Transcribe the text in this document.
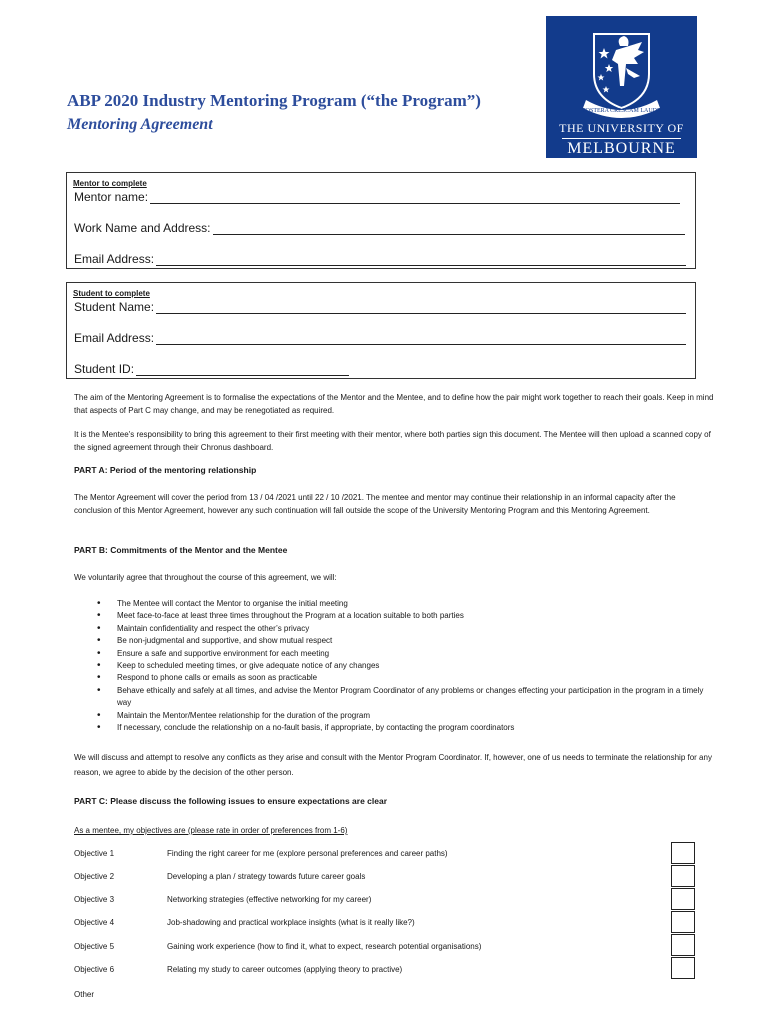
ABP 2020 Industry Mentoring Program (“the Program”)
Mentoring Agreement
POSTERA CRESCAM LAUDE
THE UNIVERSITY OF
MELBOURNE
Mentor to complete
Mentor name:
Work Name and Address:
Email Address:
Student to complete
Student Name:
Email Address:
Student ID:
The aim of the Mentoring Agreement is to formalise the expectations of the Mentor and the Mentee, and to define how the pair might work together to reach their goals. Keep in mind that aspects of Part C may change, and may be renegotiated as required.
It is the Mentee's responsibility to bring this agreement to their first meeting with their mentor, where both parties sign this document. The Mentee will then upload a scanned copy of the signed agreement through their Chronus dashboard.
PART A: Period of the mentoring relationship
The Mentor Agreement will cover the period from 13 / 04 /2021 until 22 / 10 /2021. The mentee and mentor may continue their relationship in an informal capacity after the conclusion of this Mentor Agreement, however any such continuation will fall outside the scope of the University Mentoring Program and this Mentoring Agreement.
PART B: Commitments of the Mentor and the Mentee
We voluntarily agree that throughout the course of this agreement, we will:
• The Mentee will contact the Mentor to organise the initial meeting
• Meet face-to-face at least three times throughout the Program at a location suitable to both parties
• Maintain confidentiality and respect the other’s privacy
• Be non-judgmental and supportive, and show mutual respect
• Ensure a safe and supportive environment for each meeting
• Keep to scheduled meeting times, or give adequate notice of any changes
• Respond to phone calls or emails as soon as practicable
• Behave ethically and safely at all times, and advise the Mentor Program Coordinator of any problems or changes effecting your participation in the program in a timely way
• Maintain the Mentor/Mentee relationship for the duration of the program
• If necessary, conclude the relationship on a no-fault basis, if appropriate, by contacting the program coordinators
We will discuss and attempt to resolve any conflicts as they arise and consult with the Mentor Program Coordinator. If, however, one of us needs to terminate the relationship for any reason, we agree to abide by the decision of the other person.
PART C: Please discuss the following issues to ensure expectations are clear
As a mentee, my objectives are (please rate in order of preferences from 1-6)
Objective 1	Finding the right career for me (explore personal preferences and career paths)
Objective 2	Developing a plan / strategy towards future career goals
Objective 3	Networking strategies (effective networking for my career)
Objective 4	Job-shadowing and practical workplace insights (what is it really like?)
Objective 5	Gaining work experience (how to find it, what to expect, research potential organisations)
Objective 6	Relating my study to career outcomes (applying theory to practive)
Other
